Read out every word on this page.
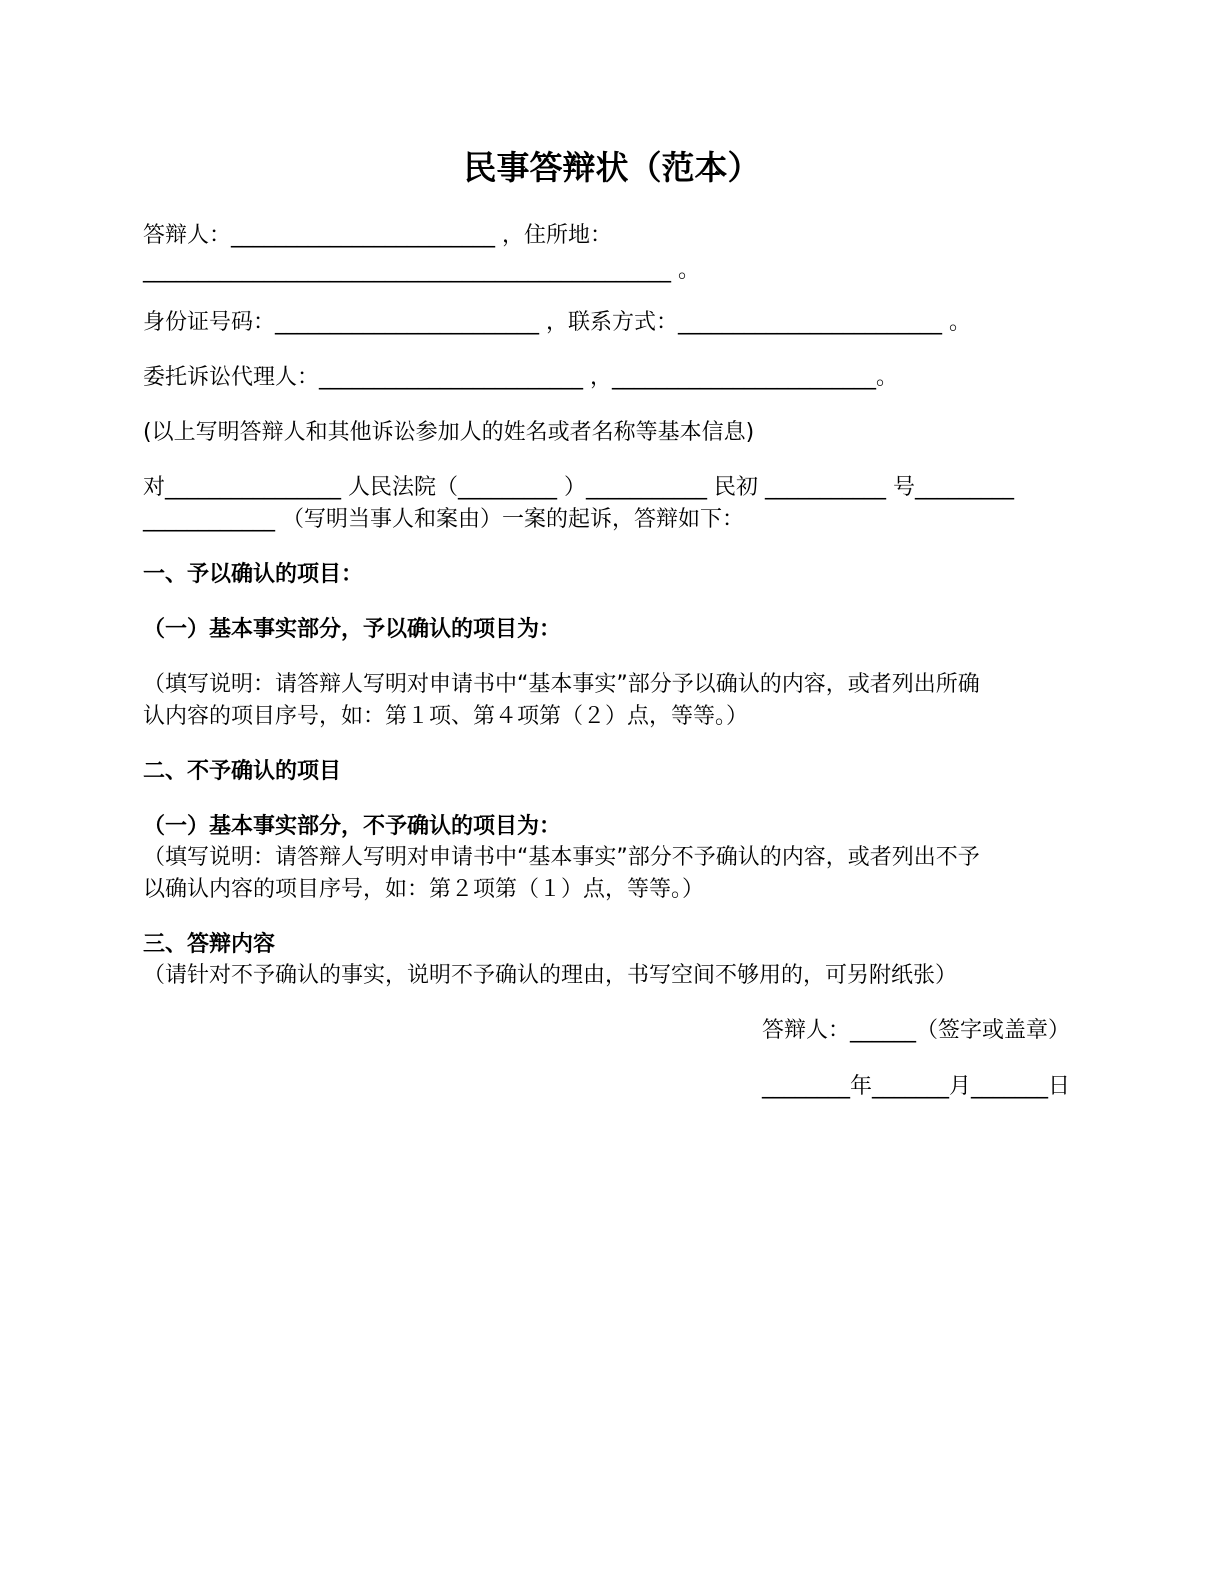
民事答辩状（范本）
答辩人：________________________ ，住所地：
________________________________________________ 。
身份证号码：________________________ ，联系方式：________________________ 。
委托诉讼代理人：________________________ ，________________________。
(以上写明答辩人和其他诉讼参加人的姓名或者名称等基本信息)
对________________ 人民法院（_________ ）___________ 民初 ___________ 号_________
____________ （写明当事人和案由）一案的起诉，答辩如下：
一、予以确认的项目：
（一）基本事实部分，予以确认的项目为：
（填写说明：请答辩人写明对申请书中“基本事实”部分予以确认的内容，或者列出所确
认内容的项目序号，如：第１项、第４项第（２）点，等等。）
二、不予确认的项目
（一）基本事实部分，不予确认的项目为：
（填写说明：请答辩人写明对申请书中“基本事实”部分不予确认的内容，或者列出不予
以确认内容的项目序号，如：第２项第（１）点，等等。）
三、答辩内容
（请针对不予确认的事实，说明不予确认的理由，书写空间不够用的，可另附纸张）
答辩人：______（签字或盖章）
________年_______月_______日
